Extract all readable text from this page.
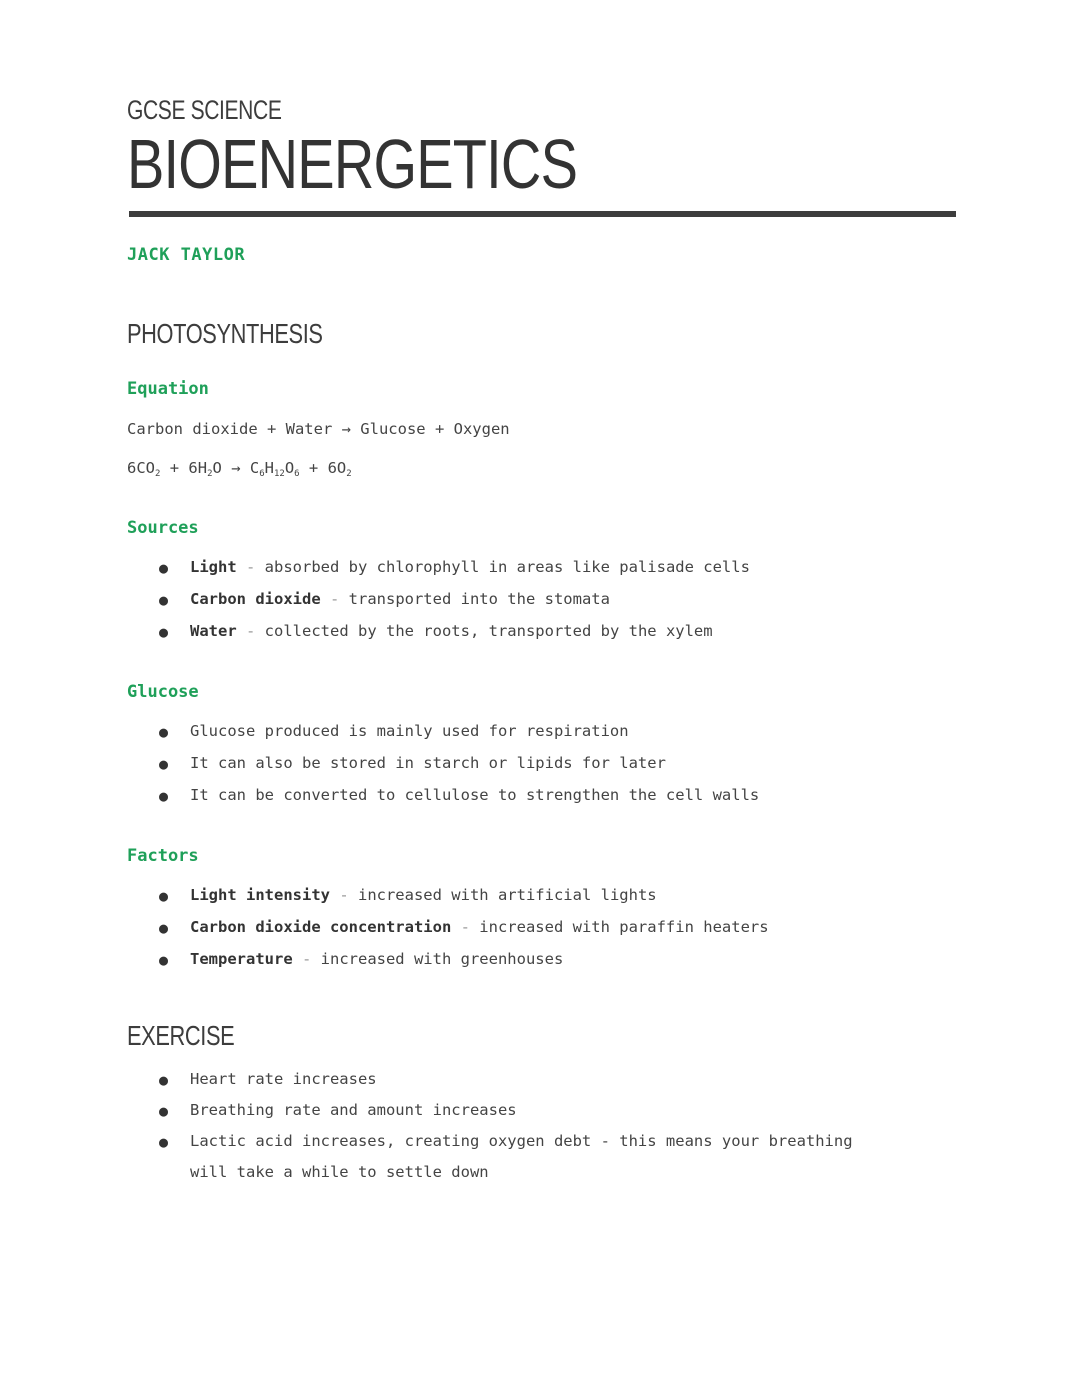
GCSE SCIENCE
BIOENERGETICS
JACK TAYLOR
PHOTOSYNTHESIS
Equation
Carbon dioxide + Water → Glucose + Oxygen
$6CO_2 + 6H_2O \to C_6H_{12}O_6 + 6O_2$
Sources
● Light - absorbed by chlorophyll in areas like palisade cells
● Carbon dioxide - transported into the stomata
● Water - collected by the roots, transported by the xylem
Glucose
● Glucose produced is mainly used for respiration
● It can also be stored in starch or lipids for later
● It can be converted to cellulose to strengthen the cell walls
Factors
● Light intensity - increased with artificial lights
● Carbon dioxide concentration - increased with paraffin heaters
● Temperature - increased with greenhouses
EXERCISE
● Heart rate increases
● Breathing rate and amount increases
● Lactic acid increases, creating oxygen debt - this means your breathing
will take a while to settle down
